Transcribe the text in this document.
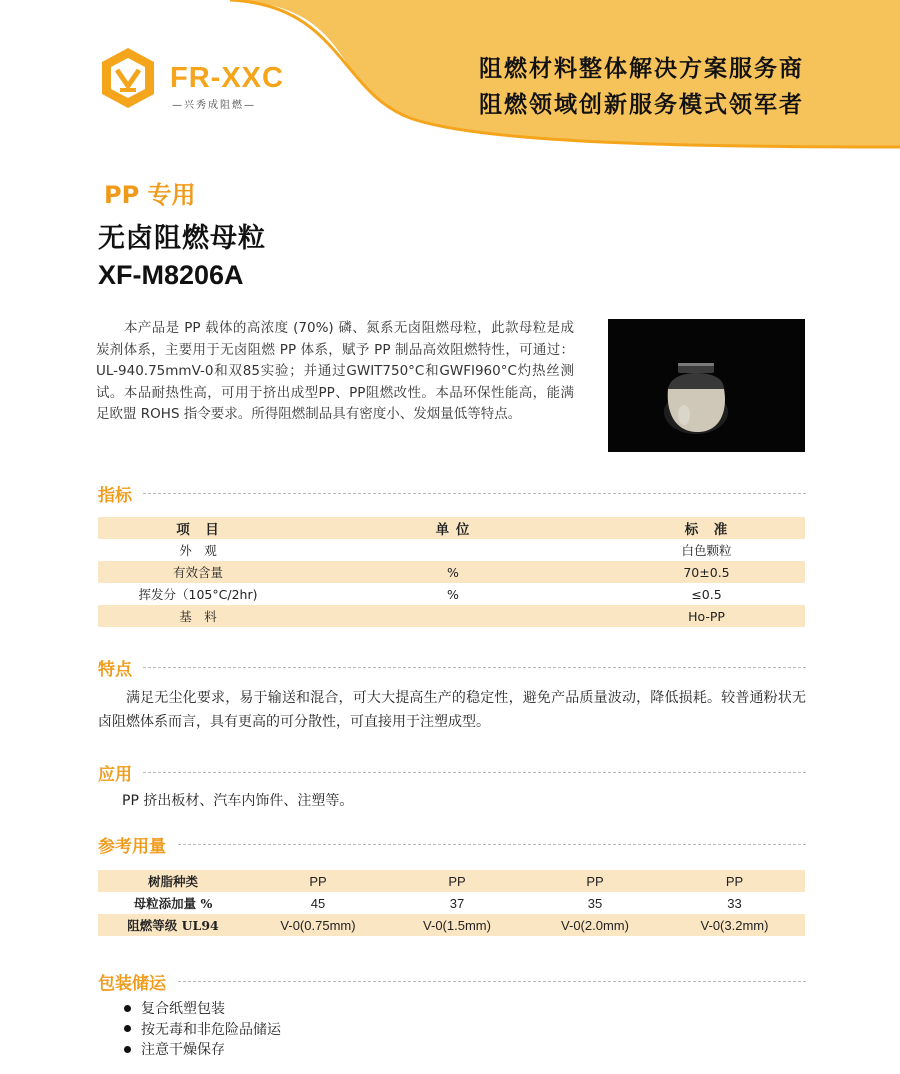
FR-XXC
—兴秀成阻燃—
阻燃材料整体解决方案服务商
阻燃领域创新服务模式领军者
PP 专用
无卤阻燃母粒
XF-M8206A
本产品是 PP 载体的高浓度 (70%) 磷、氮系无卤阻燃母粒，此款母粒是成炭剂体系，主要用于无卤阻燃 PP 体系，赋予 PP 制品高效阻燃特性，可通过：UL-940.75mmV-0和双85实验；并通过GWIT750°C和GWFI960°C灼热丝测试。本品耐热性高，可用于挤出成型PP、PP阻燃改性。本品环保性能高，能满足欧盟 ROHS 指令要求。所得阻燃制品具有密度小、发烟量低等特点。
指标
项　目	单 位	标　准
外　观		白色颗粒
有效含量	%	70±0.5
挥发分（105°C/2hr)	%	≤0.5
基　料		Ho-PP
特点
满足无尘化要求，易于输送和混合，可大大提高生产的稳定性，避免产品质量波动，降低损耗。较普通粉状无卤阻燃体系而言，具有更高的可分散性，可直接用于注塑成型。
应用
PP 挤出板材、汽车内饰件、注塑等。
参考用量
树脂种类	PP	PP	PP	PP
母粒添加量 %	45	37	35	33
阻燃等级 UL94	V-0(0.75mm)	V-0(1.5mm)	V-0(2.0mm)	V-0(3.2mm)
包装储运
复合纸塑包装
按无毒和非危险品储运
注意干燥保存
